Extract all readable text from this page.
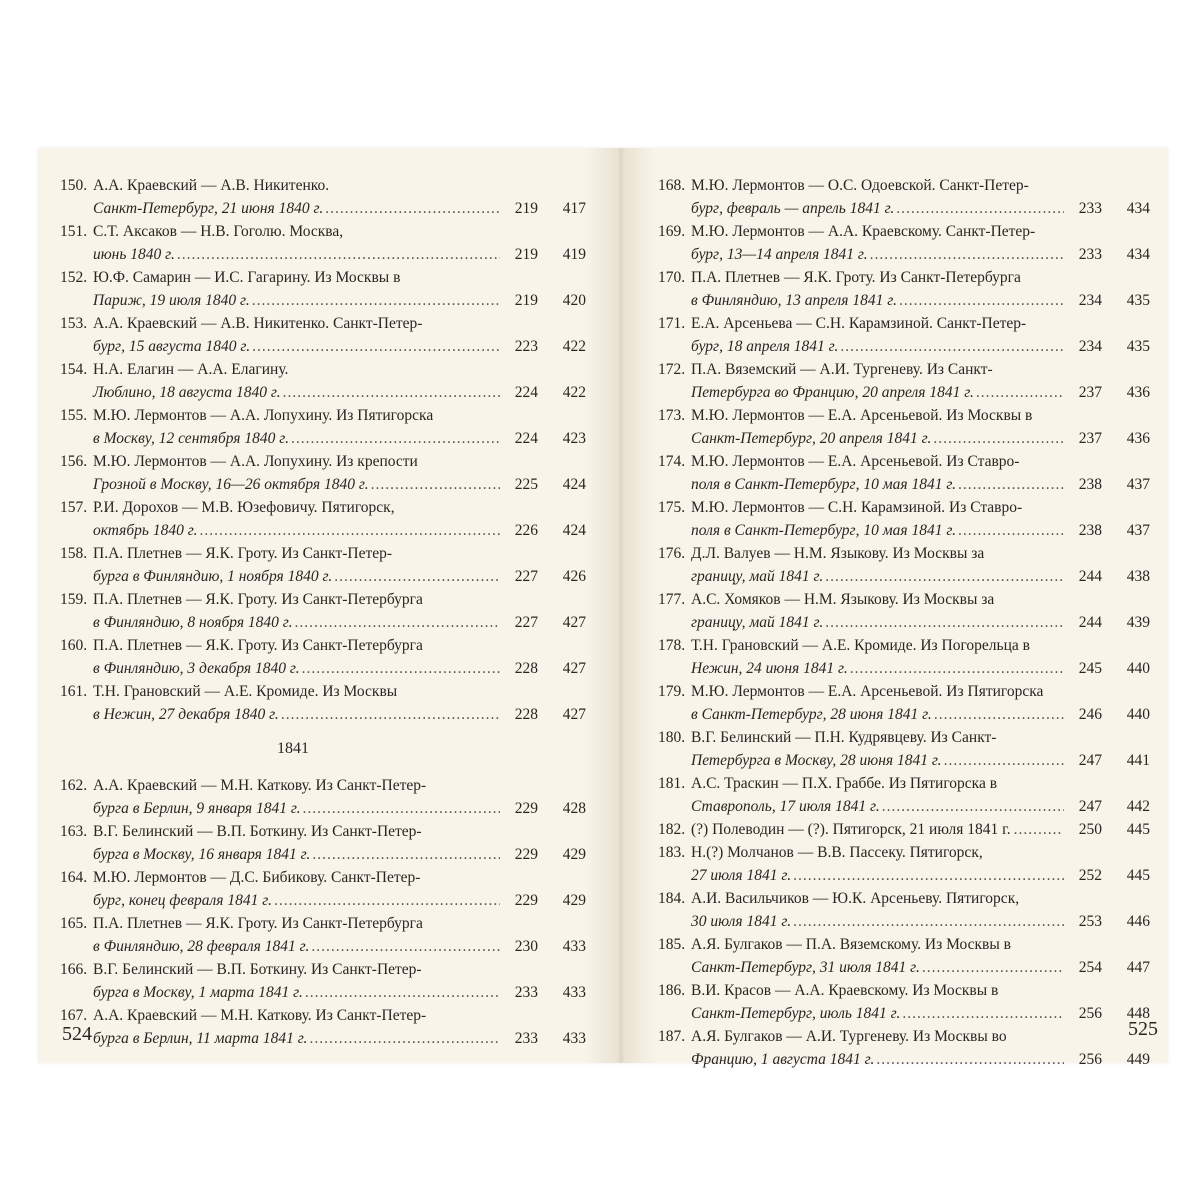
150. А.А. Краевский — А.В. Никитенко.
Санкт-Петербург, 21 июня 1840 г. .....	219	417
151. С.Т. Аксаков — Н.В. Гоголю. Москва,
июнь 1840 г. .....	219	419
152. Ю.Ф. Самарин — И.С. Гагарину. Из Москвы в
Париж, 19 июля 1840 г. .....	219	420
153. А.А. Краевский — А.В. Никитенко. Санкт-Петер-
бург, 15 августа 1840 г. .....	223	422
154. Н.А. Елагин — А.А. Елагину.
Люблино, 18 августа 1840 г. .....	224	422
155. М.Ю. Лермонтов — А.А. Лопухину. Из Пятигорска
в Москву, 12 сентября 1840 г. .....	224	423
156. М.Ю. Лермонтов — А.А. Лопухину. Из крепости
Грозной в Москву, 16—26 октября 1840 г. .....	225	424
157. Р.И. Дорохов — М.В. Юзефовичу. Пятигорск,
октябрь 1840 г. .....	226	424
158. П.А. Плетнев — Я.К. Гроту. Из Санкт-Петер-
бурга в Финляндию, 1 ноября 1840 г. .....	227	426
159. П.А. Плетнев — Я.К. Гроту. Из Санкт-Петербурга
в Финляндию, 8 ноября 1840 г. .....	227	427
160. П.А. Плетнев — Я.К. Гроту. Из Санкт-Петербурга
в Финляндию, 3 декабря 1840 г. .....	228	427
161. Т.Н. Грановский — А.Е. Кромиде. Из Москвы
в Нежин, 27 декабря 1840 г. .....	228	427
1841
162. А.А. Краевский — М.Н. Каткову. Из Санкт-Петер-
бурга в Берлин, 9 января 1841 г. .....	229	428
163. В.Г. Белинский — В.П. Боткину. Из Санкт-Петер-
бурга в Москву, 16 января 1841 г. .....	229	429
164. М.Ю. Лермонтов — Д.С. Бибикову. Санкт-Петер-
бург, конец февраля 1841 г. .....	229	429
165. П.А. Плетнев — Я.К. Гроту. Из Санкт-Петербурга
в Финляндию, 28 февраля 1841 г. .....	230	433
166. В.Г. Белинский — В.П. Боткину. Из Санкт-Петер-
бурга в Москву, 1 марта 1841 г. .....	233	433
167. А.А. Краевский — М.Н. Каткову. Из Санкт-Петер-
бурга в Берлин, 11 марта 1841 г. .....	233	433
168. М.Ю. Лермонтов — О.С. Одоевской. Санкт-Петер-
бург, февраль — апрель 1841 г. .....	233	434
169. М.Ю. Лермонтов — А.А. Краевскому. Санкт-Петер-
бург, 13—14 апреля 1841 г. .....	233	434
170. П.А. Плетнев — Я.К. Гроту. Из Санкт-Петербурга
в Финляндию, 13 апреля 1841 г. .....	234	435
171. Е.А. Арсеньева — С.Н. Карамзиной. Санкт-Петер-
бург, 18 апреля 1841 г. .....	234	435
172. П.А. Вяземский — А.И. Тургеневу. Из Санкт-
Петербурга во Францию, 20 апреля 1841 г. .....	237	436
173. М.Ю. Лермонтов — Е.А. Арсеньевой. Из Москвы в
Санкт-Петербург, 20 апреля 1841 г. .....	237	436
174. М.Ю. Лермонтов — Е.А. Арсеньевой. Из Ставро-
поля в Санкт-Петербург, 10 мая 1841 г. .....	238	437
175. М.Ю. Лермонтов — С.Н. Карамзиной. Из Ставро-
поля в Санкт-Петербург, 10 мая 1841 г. .....	238	437
176. Д.Л. Валуев — Н.М. Языкову. Из Москвы за
границу, май 1841 г. .....	244	438
177. А.С. Хомяков — Н.М. Языкову. Из Москвы за
границу, май 1841 г. .....	244	439
178. Т.Н. Грановский — А.Е. Кромиде. Из Погорельца в
Нежин, 24 июня 1841 г. .....	245	440
179. М.Ю. Лермонтов — Е.А. Арсеньевой. Из Пятигорска
в Санкт-Петербург, 28 июня 1841 г. .....	246	440
180. В.Г. Белинский — П.Н. Кудрявцеву. Из Санкт-
Петербурга в Москву, 28 июня 1841 г. .....	247	441
181. А.С. Траскин — П.Х. Граббе. Из Пятигорска в
Ставрополь, 17 июля 1841 г. .....	247	442
182. (?) Полеводин — (?). Пятигорск, 21 июля 1841 г. .....	250	445
183. Н.(?) Молчанов — В.В. Пассеку. Пятигорск,
27 июля 1841 г. .....	252	445
184. А.И. Васильчиков — Ю.К. Арсеньеву. Пятигорск,
30 июля 1841 г. .....	253	446
185. А.Я. Булгаков — П.А. Вяземскому. Из Москвы в
Санкт-Петербург, 31 июля 1841 г. .....	254	447
186. В.И. Красов — А.А. Краевскому. Из Москвы в
Санкт-Петербург, июль 1841 г. .....	256	448
187. А.Я. Булгаков — А.И. Тургеневу. Из Москвы во
Францию, 1 августа 1841 г. .....	256	449
524	525
